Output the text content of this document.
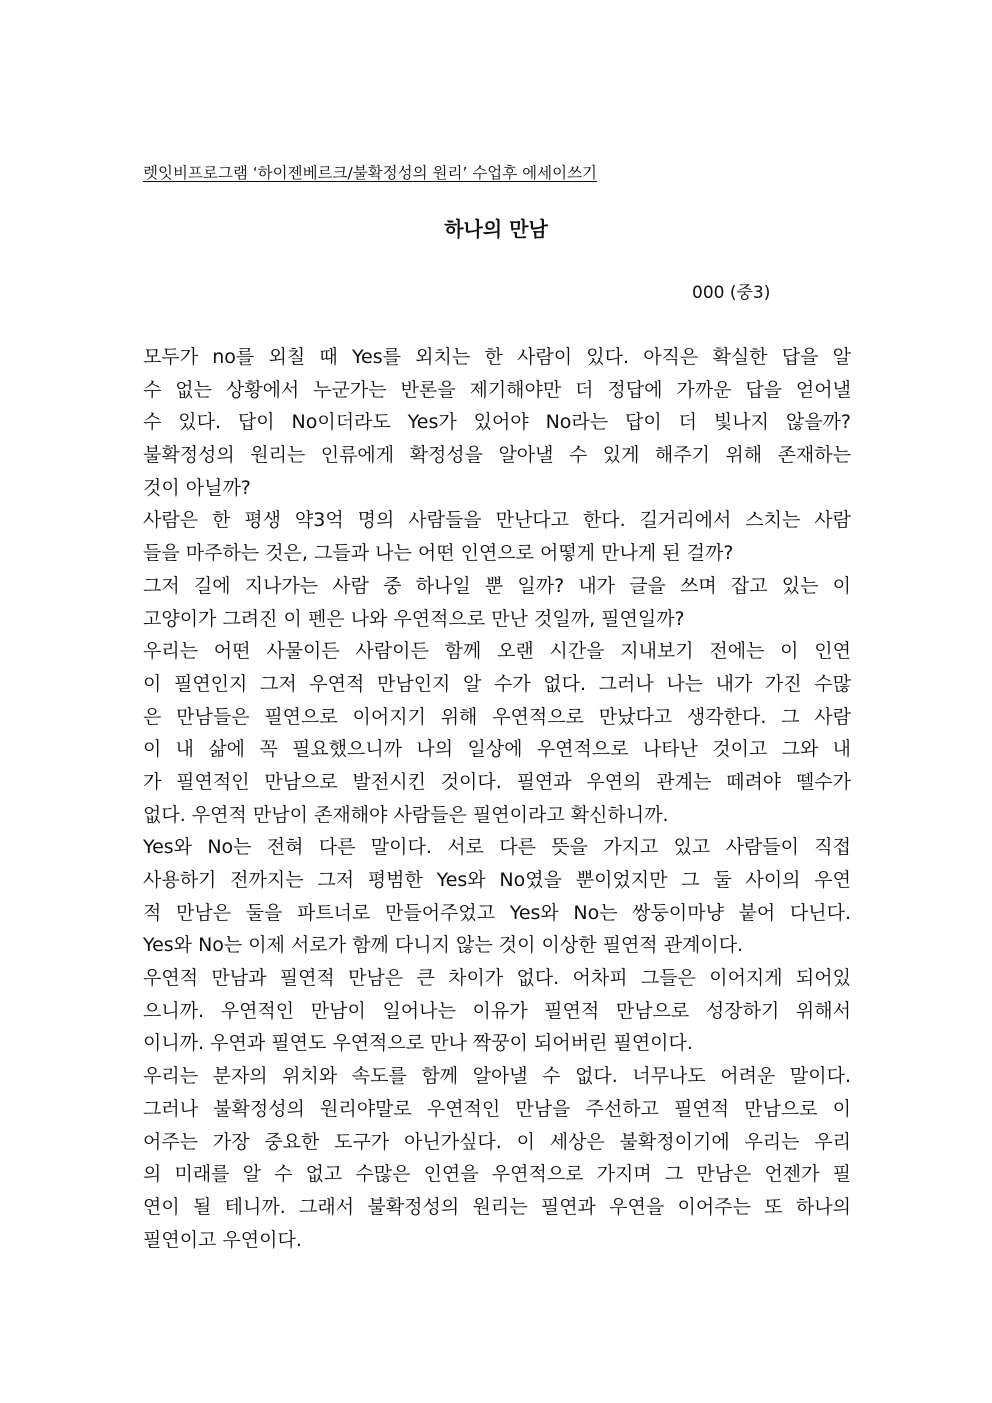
렛잇비프로그램 ‘하이젠베르크/불확정성의 원리’ 수업후 에세이쓰기
하나의 만남
000 (중3)
모두가 no를 외칠 때 Yes를 외치는 한 사람이 있다. 아직은 확실한 답을 알
수 없는 상황에서 누군가는 반론을 제기해야만 더 정답에 가까운 답을 얻어낼
수 있다. 답이 No이더라도 Yes가 있어야 No라는 답이 더 빛나지 않을까?
불확정성의 원리는 인류에게 확정성을 알아낼 수 있게 해주기 위해 존재하는
것이 아닐까?
사람은 한 평생 약3억 명의 사람들을 만난다고 한다. 길거리에서 스치는 사람
들을 마주하는 것은, 그들과 나는 어떤 인연으로 어떻게 만나게 된 걸까?
그저 길에 지나가는 사람 중 하나일 뿐 일까? 내가 글을 쓰며 잡고 있는 이
고양이가 그려진 이 펜은 나와 우연적으로 만난 것일까, 필연일까?
우리는 어떤 사물이든 사람이든 함께 오랜 시간을 지내보기 전에는 이 인연
이 필연인지 그저 우연적 만남인지 알 수가 없다. 그러나 나는 내가 가진 수많
은 만남들은 필연으로 이어지기 위해 우연적으로 만났다고 생각한다. 그 사람
이 내 삶에 꼭 필요했으니까 나의 일상에 우연적으로 나타난 것이고 그와 내
가 필연적인 만남으로 발전시킨 것이다. 필연과 우연의 관계는 떼려야 뗄수가
없다. 우연적 만남이 존재해야 사람들은 필연이라고 확신하니까.
Yes와 No는 전혀 다른 말이다. 서로 다른 뜻을 가지고 있고 사람들이 직접
사용하기 전까지는 그저 평범한 Yes와 No였을 뿐이었지만 그 둘 사이의 우연
적 만남은 둘을 파트너로 만들어주었고 Yes와 No는 쌍둥이마냥 붙어 다닌다.
Yes와 No는 이제 서로가 함께 다니지 않는 것이 이상한 필연적 관계이다.
우연적 만남과 필연적 만남은 큰 차이가 없다. 어차피 그들은 이어지게 되어있
으니까. 우연적인 만남이 일어나는 이유가 필연적 만남으로 성장하기 위해서
이니까. 우연과 필연도 우연적으로 만나 짝꿍이 되어버린 필연이다.
우리는 분자의 위치와 속도를 함께 알아낼 수 없다. 너무나도 어려운 말이다.
그러나 불확정성의 원리야말로 우연적인 만남을 주선하고 필연적 만남으로 이
어주는 가장 중요한 도구가 아닌가싶다. 이 세상은 불확정이기에 우리는 우리
의 미래를 알 수 없고 수많은 인연을 우연적으로 가지며 그 만남은 언젠가 필
연이 될 테니까. 그래서 불확정성의 원리는 필연과 우연을 이어주는 또 하나의
필연이고 우연이다.
